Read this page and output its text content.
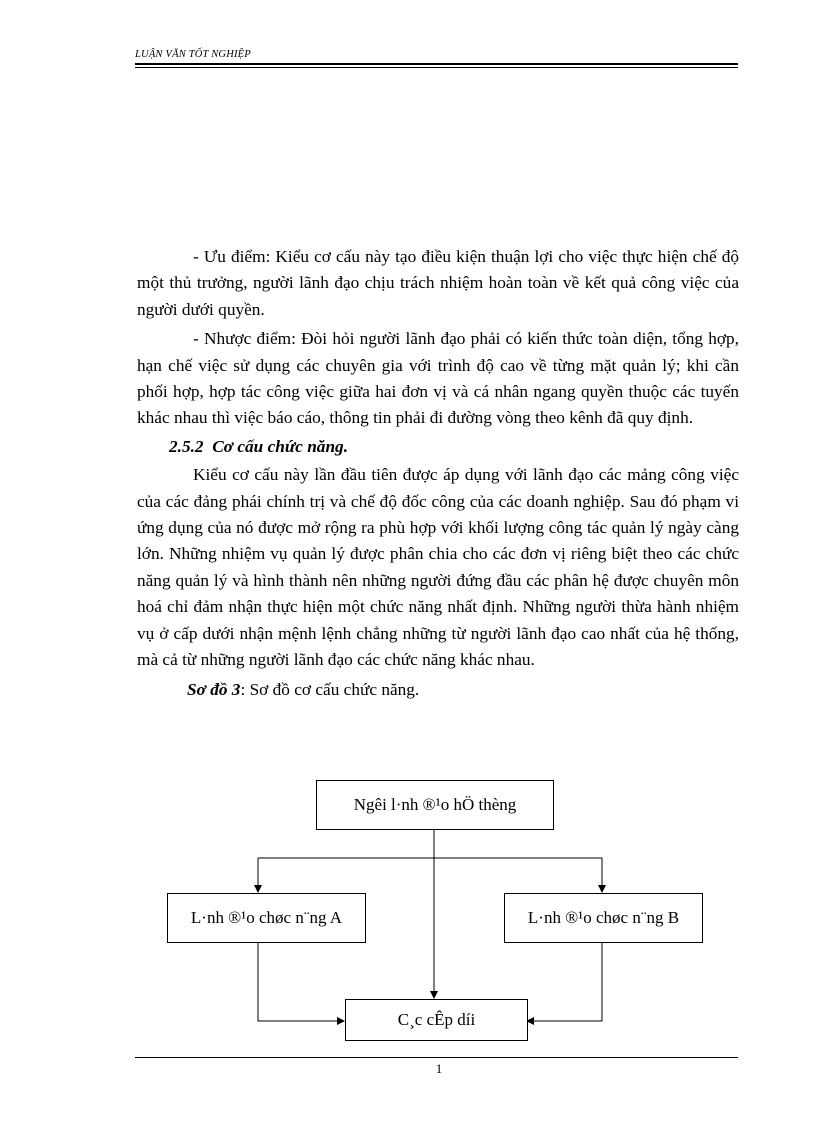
LUẬN VĂN TỐT NGHIỆP

- Ưu điểm: Kiểu cơ cấu này tạo điều kiện thuận lợi cho việc thực hiện chế độ một thủ trưởng, người lãnh đạo chịu trách nhiệm hoàn toàn về kết quả công việc của người dưới quyền.

- Nhược điểm: Đòi hỏi người lãnh đạo phải có kiến thức toàn diện, tổng hợp, hạn chế việc sử dụng các chuyên gia với trình độ cao về từng mặt quản lý; khi cần phối hợp, hợp tác công việc giữa hai đơn vị và cá nhân ngang quyền thuộc các tuyến khác nhau thì việc báo cáo, thông tin phải đi đường vòng theo kênh đã quy định.

2.5.2 Cơ cấu chức năng.

Kiểu cơ cấu này lần đầu tiên được áp dụng với lãnh đạo các mảng công việc của các đảng phái chính trị và chế độ đốc công của các doanh nghiệp. Sau đó phạm vi ứng dụng của nó được mở rộng ra phù hợp với khối lượng công tác quản lý ngày càng lớn. Những nhiệm vụ quản lý được phân chia cho các đơn vị riêng biệt theo các chức năng quản lý và hình thành nên những người đứng đầu các phân hệ được chuyên môn hoá chỉ đảm nhận thực hiện một chức năng nhất định. Những người thừa hành nhiệm vụ ở cấp dưới nhận mệnh lệnh chẳng những từ người lãnh đạo cao nhất của hệ thống, mà cả từ những người lãnh đạo các chức năng khác nhau.

Sơ đồ 3: Sơ đồ cơ cấu chức năng.

Ngêi l·nh ®¹o hÖ thèng
L·nh ®¹o chøc n¨ng A	L·nh ®¹o chøc n¨ng B
C¸c cÊp díi
1
